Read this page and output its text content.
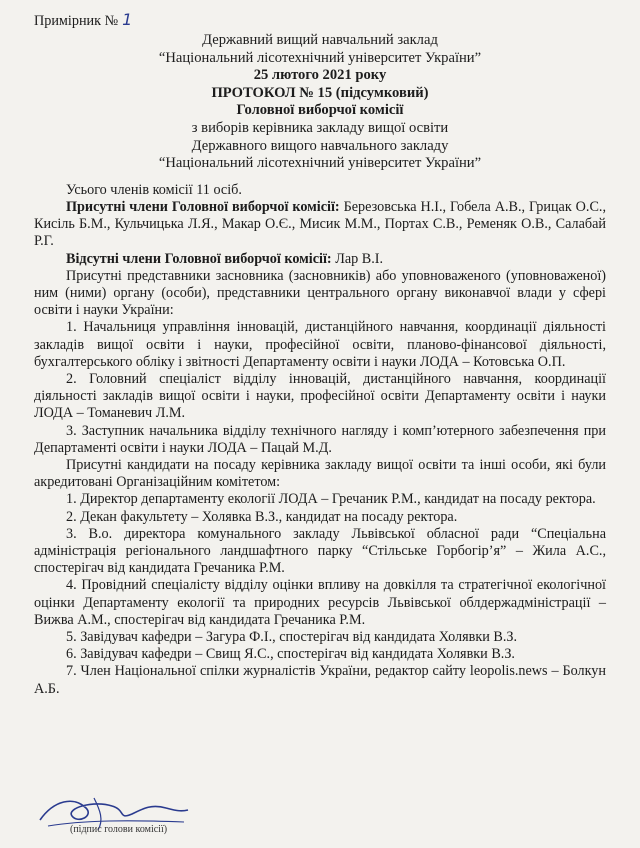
Примірник № 1
Державний вищий навчальний заклад
“Національний лісотехнічний університет України”
25 лютого 2021 року
ПРОТОКОЛ № 15 (підсумковий)
Головної виборчої комісії
з виборів керівника закладу вищої освіти
Державного вищого навчального закладу
“Національний лісотехнічний університет України”

Усього членів комісії 11 осіб.

Присутні члени Головної виборчої комісії: Березовська Н.І., Гобела А.В., Грицак О.С., Кисіль Б.М., Кульчицька Л.Я., Макар О.Є., Мисик М.М., Портах С.В., Ременяк О.В., Салабай Р.Г.

Відсутні члени Головної виборчої комісії: Лар В.І.

Присутні представники засновника (засновників) або уповноваженого (уповноваженої) ним (ними) органу (особи), представники центрального органу виконавчої влади у сфері освіти і науки України:

1. Начальниця управління інновацій, дистанційного навчання, координації діяльності закладів вищої освіти і науки, професійної освіти, планово-фінансової діяльності, бухгалтерського обліку і звітності Департаменту освіти і науки ЛОДА – Котовська О.П.

2. Головний спеціаліст відділу інновацій, дистанційного навчання, координації діяльності закладів вищої освіти і науки, професійної освіти Департаменту освіти і науки ЛОДА – Томаневич Л.М.

3. Заступник начальника відділу технічного нагляду і комп’ютерного забезпечення при Департаменті освіти і науки ЛОДА – Пацай М.Д.

Присутні кандидати на посаду керівника закладу вищої освіти та інші особи, які були акредитовані Організаційним комітетом:

1. Директор департаменту екології ЛОДА – Гречаник Р.М., кандидат на посаду ректора.

2. Декан факультету – Холявка В.З., кандидат на посаду ректора.

3. В.о. директора комунального закладу Львівської обласної ради “Спеціальна адміністрація регіонального ландшафтного парку “Стільське Горбогір’я” – Жила А.С., спостерігач від кандидата Гречаника Р.М.

4. Провідний спеціалісту відділу оцінки впливу на довкілля та стратегічної екологічної оцінки Департаменту екології та природних ресурсів Львівської облдержадміністрації – Вижва А.М., спостерігач від кандидата Гречаника Р.М.

5. Завідувач кафедри – Загура Ф.І., спостерігач від кандидата Холявки В.З.

6. Завідувач кафедри – Свищ Я.С., спостерігач від кандидата Холявки В.З.

7. Член Національної спілки журналістів України, редактор сайту leopolis.news – Болкун А.Б.

(підпис голови комісії)
